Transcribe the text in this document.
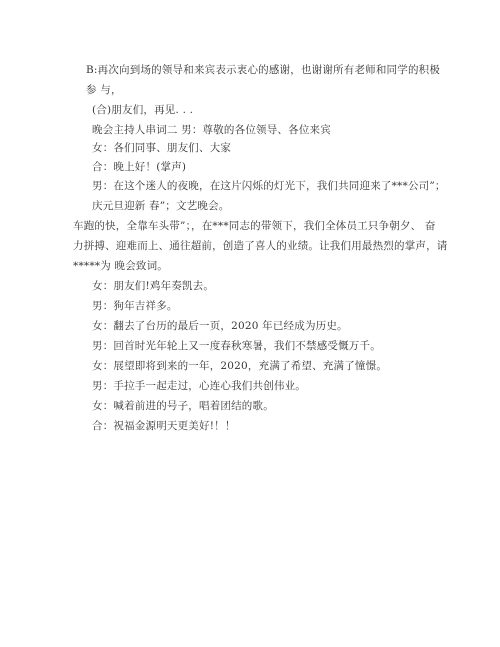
B:再次向到场的领导和来宾表示衷心的感谢，也谢谢所有老师和同学的积极
参 与，
(合)朋友们，再见. . .
晚会主持人串词二 男：尊敬的各位领导、各位来宾
女：各们同事、朋友们、大家
合：晚上好！(掌声)
男：在这个迷人的夜晚，在这片闪烁的灯光下，我们共同迎来了***公司”；
庆元旦迎新 春”；文艺晚会。
车跑的快，全靠车头带”；，在***同志的带领下，我们全体员工只争朝夕、 奋
力拼搏、迎难而上、通往超前，创造了喜人的业绩。让我们用最热烈的掌声，请
*****为 晚会致词。
女：朋友们!鸡年奏凯去。
男：狗年吉祥多。
女：翻去了台历的最后一页，2020 年已经成为历史。
男：回首时光年轮上又一度春秋寒暑，我们不禁感受慨万千。
女：展望即将到来的一年，2020，充满了希望、充满了憧憬。
男：手拉手一起走过，心连心我们共创伟业。
女：喊着前进的号子，唱着团结的歌。
合：祝福金源明天更美好!！！
